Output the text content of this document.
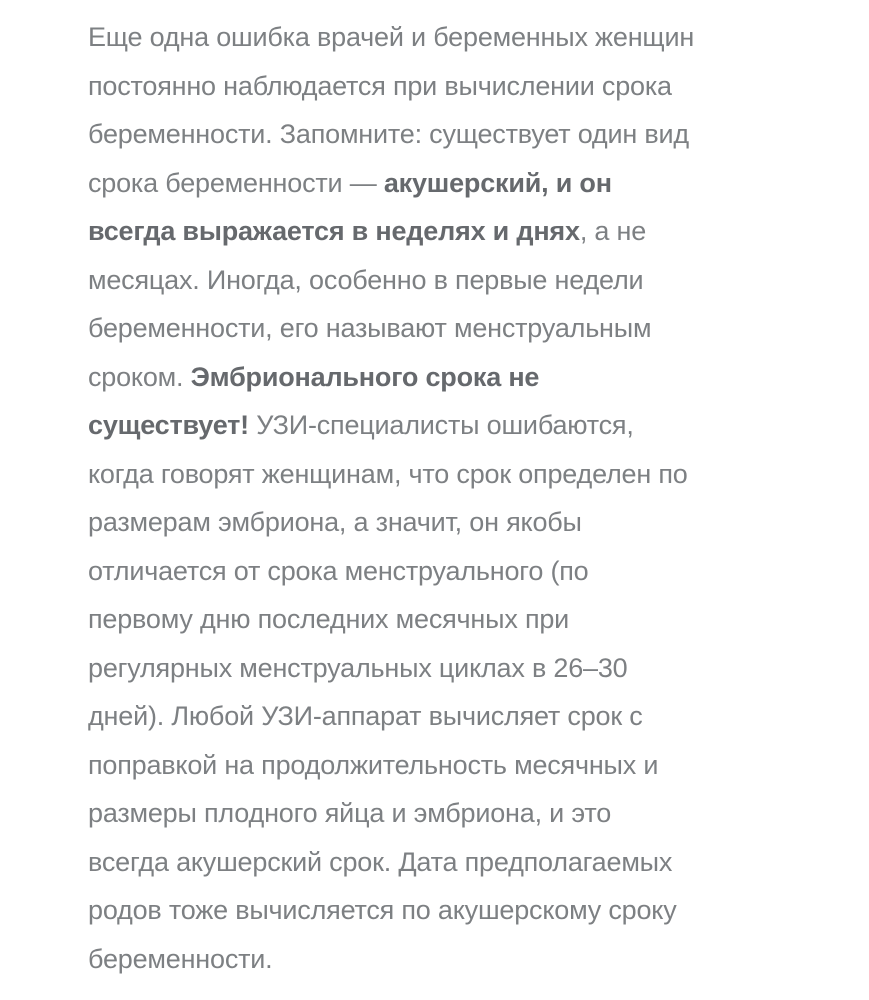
Еще одна ошибка врачей и беременных женщин
постоянно наблюдается при вычислении срока
беременности. Запомните: существует один вид
срока беременности — акушерский, и он
всегда выражается в неделях и днях, а не
месяцах. Иногда, особенно в первые недели
беременности, его называют менструальным
сроком. Эмбрионального срока не
существует! УЗИ-специалисты ошибаются,
когда говорят женщинам, что срок определен по
размерам эмбриона, а значит, он якобы
отличается от срока менструального (по
первому дню последних месячных при
регулярных менструальных циклах в 26–30
дней). Любой УЗИ-аппарат вычисляет срок с
поправкой на продолжительность месячных и
размеры плодного яйца и эмбриона, и это
всегда акушерский срок. Дата предполагаемых
родов тоже вычисляется по акушерскому сроку
беременности.
